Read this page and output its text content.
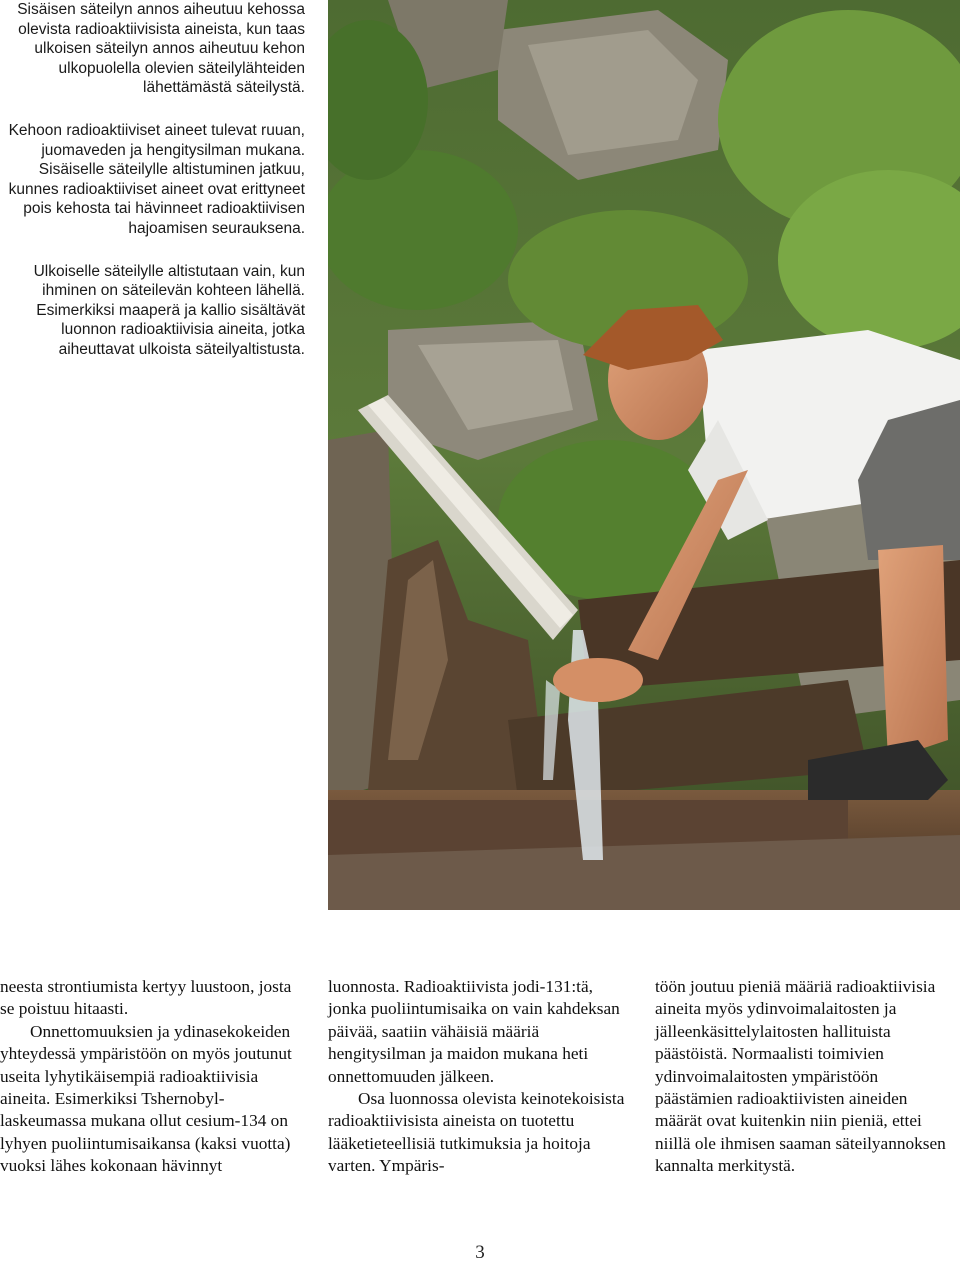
Sisäisen säteilyn annos aiheutuu kehossa olevista radioaktiivisista aineista, kun taas ulkoisen säteilyn annos aiheutuu kehon ulkopuolella olevien säteilylähteiden lähettämästä säteilystä.

Kehoon radioaktiiviset aineet tulevat ruuan, juomaveden ja hengitysilman mukana. Sisäiselle säteilylle altistuminen jatkuu, kunnes radioaktiiviset aineet ovat erittyneet pois kehosta tai hävinneet radioaktiivisen hajoamisen seurauksena.

Ulkoiselle säteilylle altistutaan vain, kun ihminen on säteilevän kohteen lähellä. Esimerkiksi maaperä ja kallio sisältävät luonnon radioaktiivisia aineita, jotka aiheuttavat ulkoista säteilyaltistusta.

neesta strontiumista kertyy luustoon, josta se poistuu hitaasti.

Onnettomuuksien ja ydinasekokeiden yhteydessä ympäristöön on myös joutunut useita lyhytikäisempiä radioaktiivisia aineita. Esimerkiksi Tshernobyl-laskeumassa mukana ollut cesium-134 on lyhyen puoliintumisaikansa (kaksi vuotta) vuoksi lähes kokonaan hävinnyt

luonnosta. Radioaktiivista jodi-131:tä, jonka puoliintumisaika on vain kahdeksan päivää, saatiin vähäisiä määriä hengitysilman ja maidon mukana heti onnettomuuden jälkeen.

Osa luonnossa olevista keinotekoisista radioaktiivisista aineista on tuotettu lääketieteellisiä tutkimuksia ja hoitoja varten. Ympäris-

töön joutuu pieniä määriä radioaktiivisia aineita myös ydinvoimalaitosten ja jälleenkäsittelylaitosten hallituista päästöistä. Normaalisti toimivien ydinvoimalaitosten ympäristöön päästämien radioaktiivisten aineiden määrät ovat kuitenkin niin pieniä, ettei niillä ole ihmisen saaman säteilyannoksen kannalta merkitystä.

3
